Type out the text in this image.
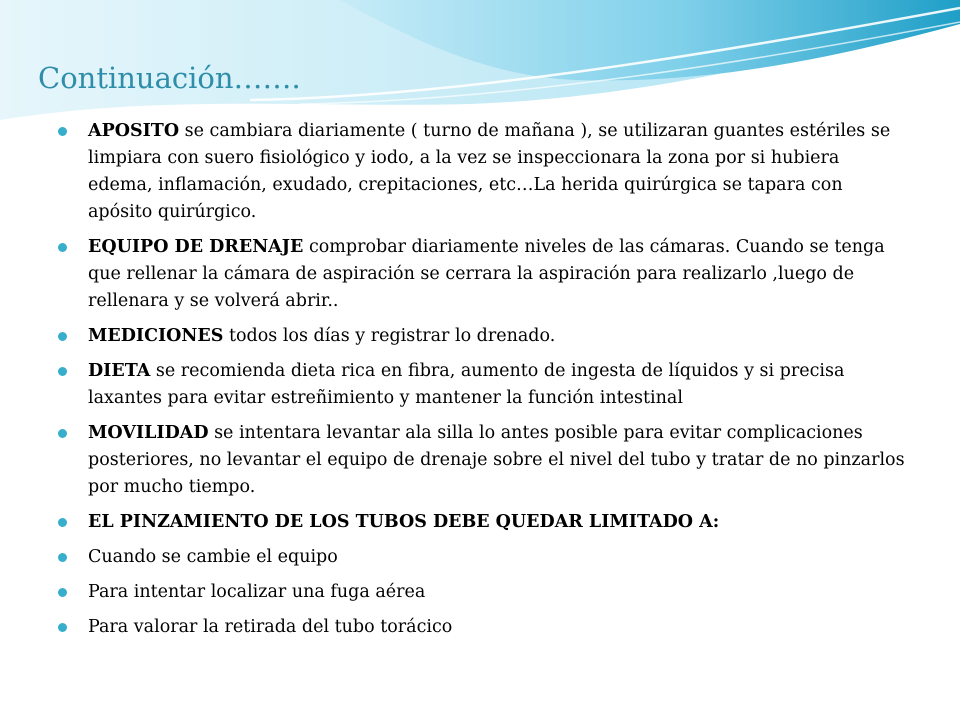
Continuación…….
APOSITO se cambiara diariamente ( turno de mañana ), se utilizaran guantes estériles se limpiara con suero fisiológico y iodo, a la vez se inspeccionara la zona por si hubiera edema, inflamación, exudado, crepitaciones, etc…La herida quirúrgica se tapara con apósito quirúrgico.
EQUIPO DE DRENAJE comprobar diariamente niveles de las cámaras. Cuando se tenga que rellenar la cámara de aspiración se cerrara la aspiración para realizarlo ,luego de rellenara y se volverá abrir..
MEDICIONES todos los días y registrar lo drenado.
DIETA se recomienda dieta rica en fibra, aumento de ingesta de líquidos y si precisa laxantes para evitar estreñimiento y mantener la función intestinal
MOVILIDAD se intentara levantar ala silla lo antes posible para evitar complicaciones posteriores, no levantar el equipo de drenaje sobre el nivel del tubo y tratar de no pinzarlos por mucho tiempo.
EL PINZAMIENTO DE LOS TUBOS DEBE QUEDAR LIMITADO A:
Cuando se cambie el equipo
Para intentar localizar una fuga aérea
Para valorar la retirada del tubo torácico
